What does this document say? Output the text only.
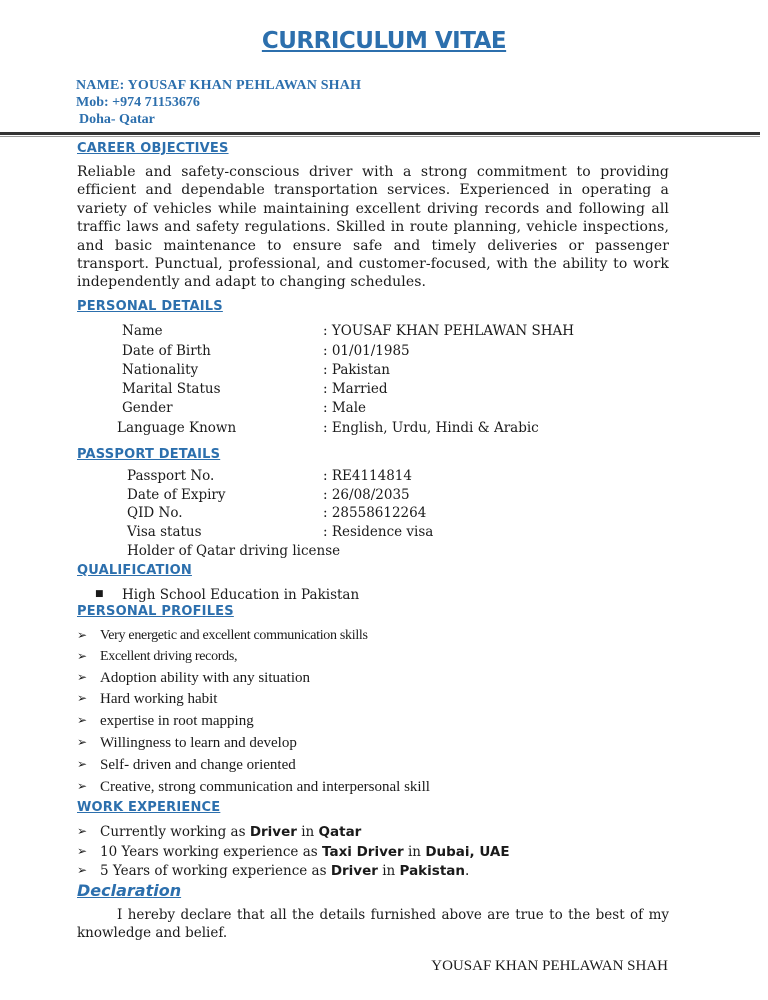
CURRICULUM VITAE
NAME: YOUSAF KHAN PEHLAWAN SHAH
Mob: +974 71153676
Doha- Qatar
CAREER OBJECTIVES
Reliable and safety-conscious driver with a strong commitment to providing efficient and dependable transportation services. Experienced in operating a variety of vehicles while maintaining excellent driving records and following all traffic laws and safety regulations. Skilled in route planning, vehicle inspections, and basic maintenance to ensure safe and timely deliveries or passenger transport. Punctual, professional, and customer-focused, with the ability to work independently and adapt to changing schedules.
PERSONAL DETAILS
Name	: YOUSAF KHAN PEHLAWAN SHAH
Date of Birth	: 01/01/1985
Nationality	: Pakistan
Marital Status	: Married
Gender	: Male
Language Known	: English, Urdu, Hindi & Arabic
PASSPORT DETAILS
Passport No.	: RE4114814
Date of Expiry	: 26/08/2035
QID No.	: 28558612264
Visa status	: Residence visa
Holder of Qatar driving license
QUALIFICATION
■ High School Education in Pakistan
PERSONAL PROFILES
➢ Very energetic and excellent communication skills
➢ Excellent driving records,
➢ Adoption ability with any situation
➢ Hard working habit
➢ expertise in root mapping
➢ Willingness to learn and develop
➢ Self- driven and change oriented
➢ Creative, strong communication and interpersonal skill
WORK EXPERIENCE
➢ Currently working as Driver in Qatar
➢ 10 Years working experience as Taxi Driver in Dubai, UAE
➢ 5 Years of working experience as Driver in Pakistan.
Declaration
I hereby declare that all the details furnished above are true to the best of my knowledge and belief.
YOUSAF KHAN PEHLAWAN SHAH
